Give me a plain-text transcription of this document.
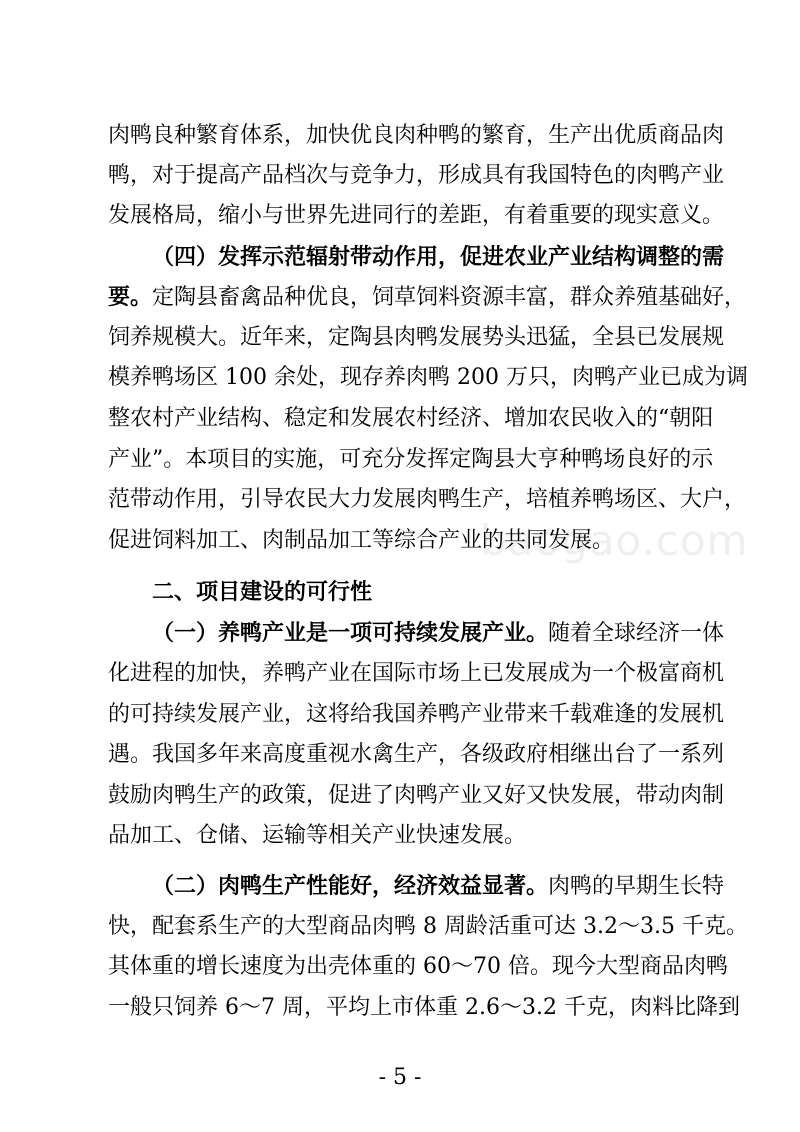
肉鸭良种繁育体系，加快优良肉种鸭的繁育，生产出优质商品肉
鸭，对于提高产品档次与竞争力，形成具有我国特色的肉鸭产业
发展格局，缩小与世界先进同行的差距，有着重要的现实意义。
（四）发挥示范辐射带动作用，促进农业产业结构调整的需
要。定陶县畜禽品种优良，饲草饲料资源丰富，群众养殖基础好，
饲养规模大。近年来，定陶县肉鸭发展势头迅猛，全县已发展规
模养鸭场区 100 余处，现存养肉鸭 200 万只，肉鸭产业已成为调
整农村产业结构、稳定和发展农村经济、增加农民收入的“朝阳
产业”。本项目的实施，可充分发挥定陶县大亨种鸭场良好的示
范带动作用，引导农民大力发展肉鸭生产，培植养鸭场区、大户，
促进饲料加工、肉制品加工等综合产业的共同发展。
二、项目建设的可行性
（一）养鸭产业是一项可持续发展产业。随着全球经济一体
化进程的加快，养鸭产业在国际市场上已发展成为一个极富商机
的可持续发展产业，这将给我国养鸭产业带来千载难逢的发展机
遇。我国多年来高度重视水禽生产，各级政府相继出台了一系列
鼓励肉鸭生产的政策，促进了肉鸭产业又好又快发展，带动肉制
品加工、仓储、运输等相关产业快速发展。
（二）肉鸭生产性能好，经济效益显著。肉鸭的早期生长特
快，配套系生产的大型商品肉鸭 8 周龄活重可达 3.2～3.5 千克。
其体重的增长速度为出壳体重的 60～70 倍。现今大型商品肉鸭
一般只饲养 6～7 周，平均上市体重 2.6～3.2 千克，肉料比降到
baogao.com
- 5 -
